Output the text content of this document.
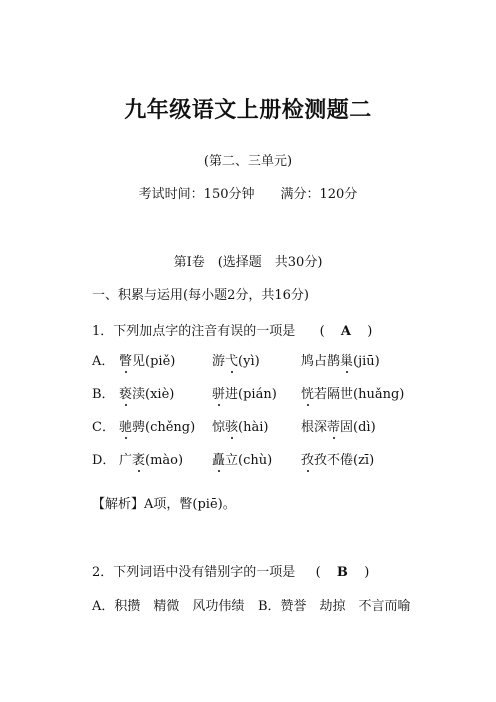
九年级语文上册检测题二
(第二、三单元)
考试时间：150分钟　　满分：120分
第Ⅰ卷　(选择题　共30分)
一、积累与运用(每小题2分，共16分)
1．下列加点字的注音有误的一项是 ( A )
A． 瞥见(piě)	游弋(yì)	鸠占鹊巢(jiū)
B． 亵渎(xiè)	骈进(pián) 恍若隔世(huǎng)
C． 驰骋(chěng) 惊骇(hài)	根深蒂固(dì)
D． 广袤(mào) 矗立(chù) 孜孜不倦(zī)
【解析】A项，瞥(piē)。
2．下列词语中没有错别字的一项是 ( B )
A．积攒　精微　风功伟绩 B．赞誉　劫掠　不言而喻
